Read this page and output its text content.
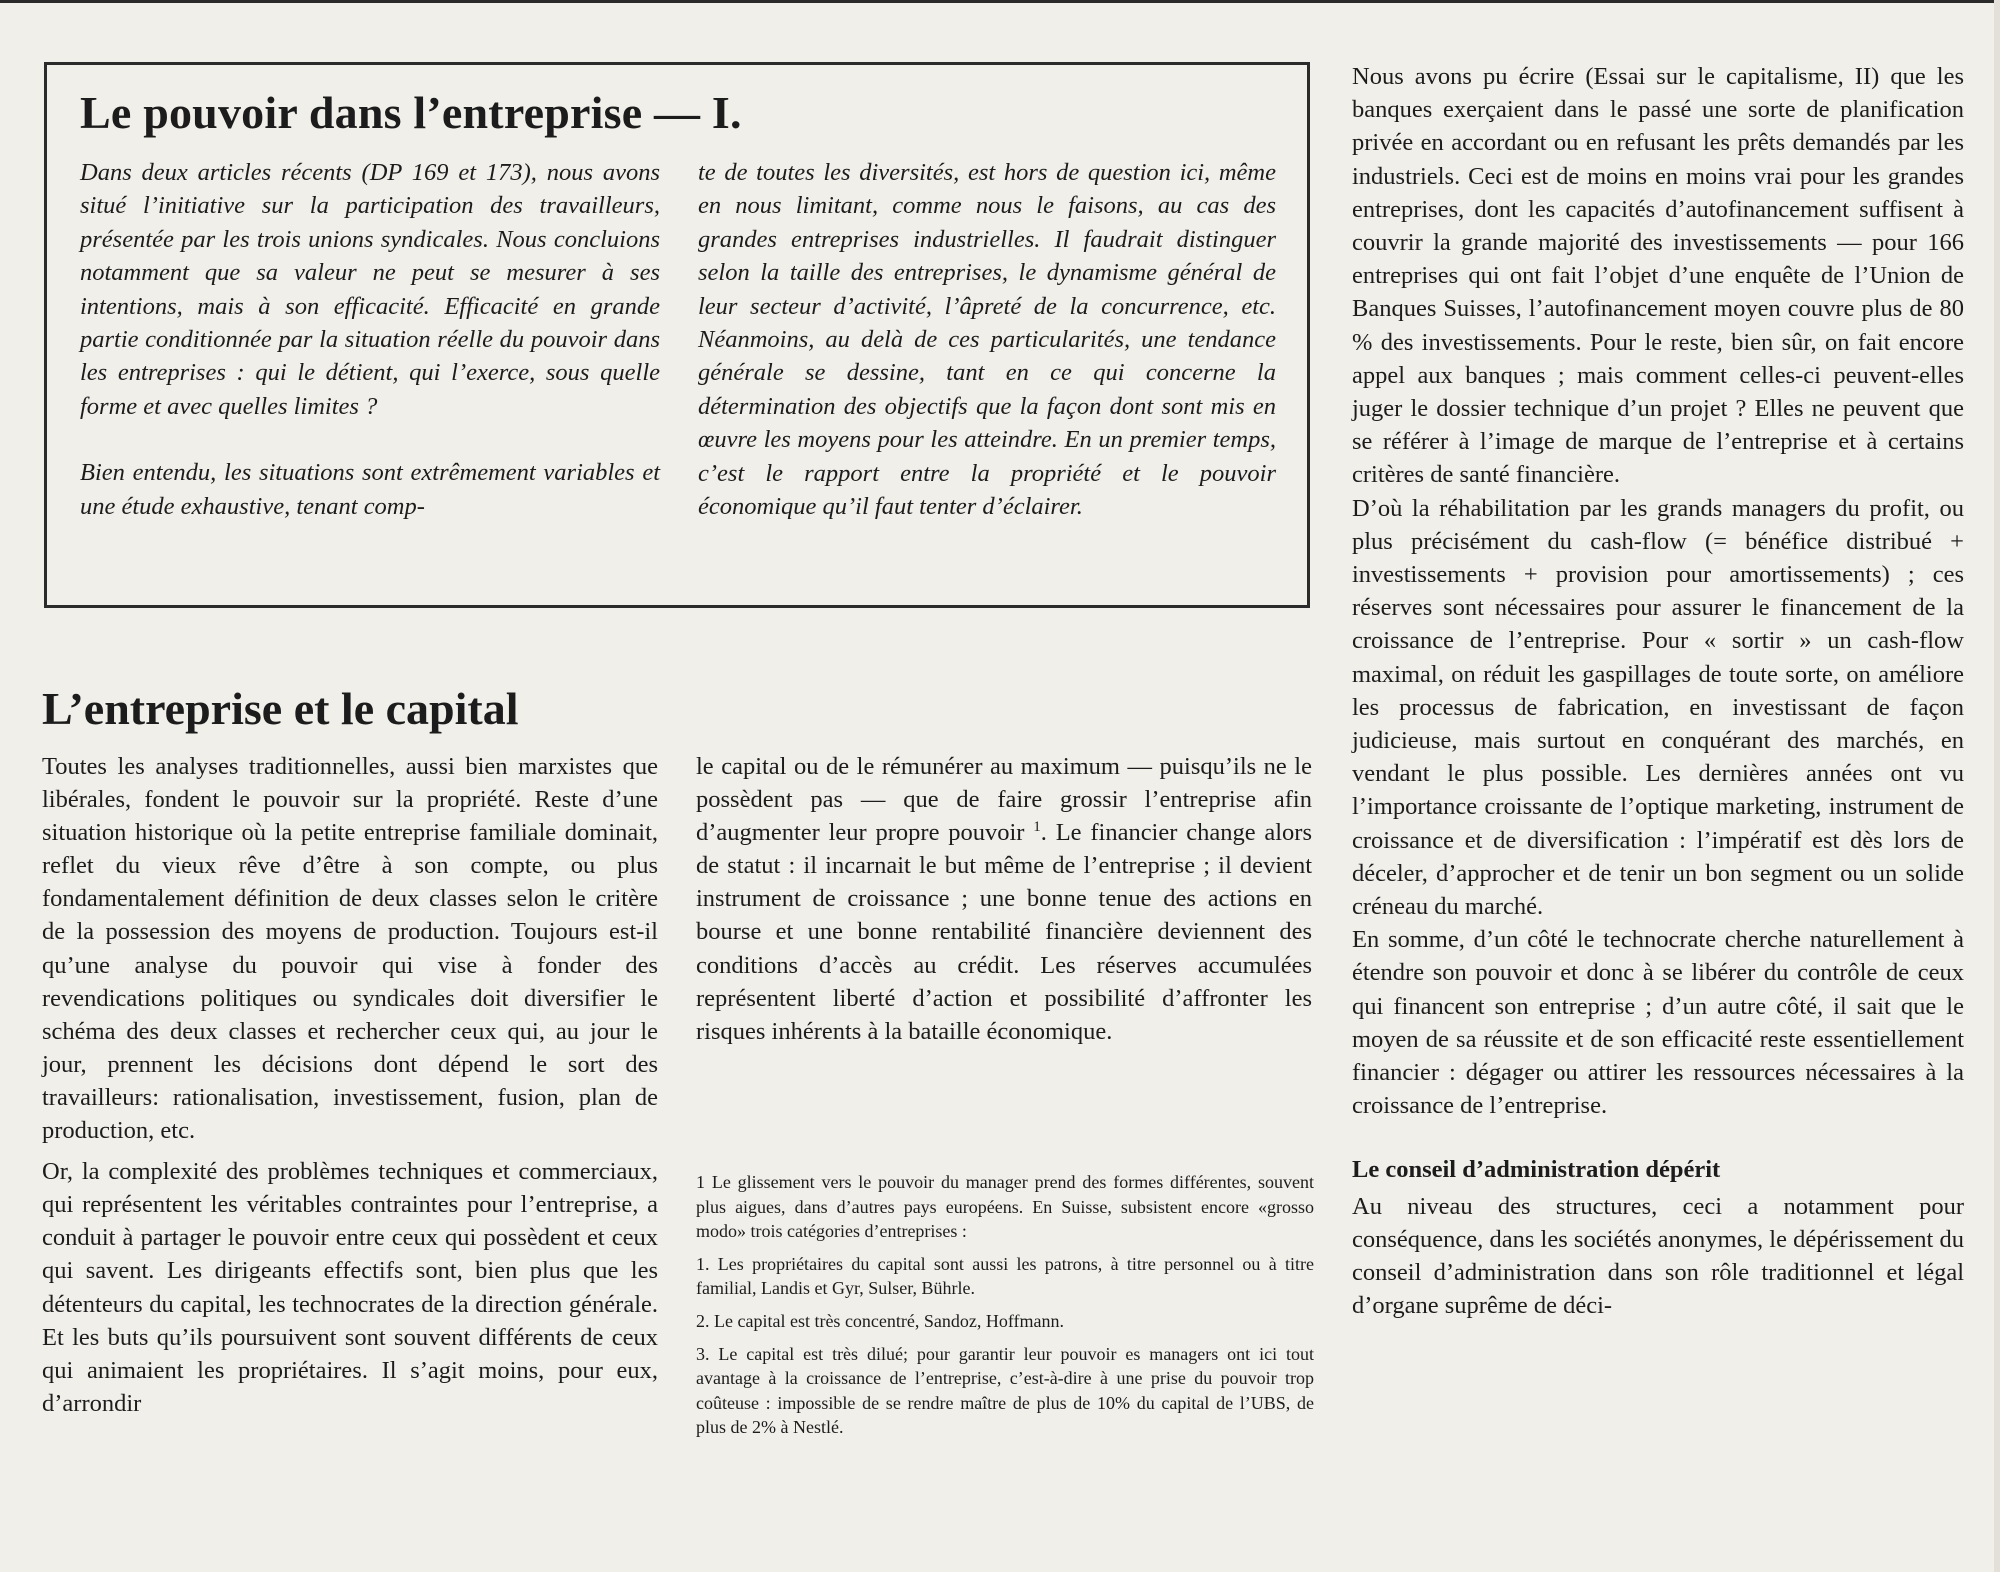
Le pouvoir dans l’entreprise — I.

Dans deux articles récents (DP 169 et 173), nous avons situé l’initiative sur la participation des travailleurs, présentée par les trois unions syndicales. Nous concluions notamment que sa valeur ne peut se mesurer à ses intentions, mais à son efficacité. Efficacité en grande partie conditionnée par la situation réelle du pouvoir dans les entreprises : qui le détient, qui l’exerce, sous quelle forme et avec quelles limites ?

Bien entendu, les situations sont extrêmement variables et une étude exhaustive, tenant comp-

te de toutes les diversités, est hors de question ici, même en nous limitant, comme nous le faisons, au cas des grandes entreprises industrielles. Il faudrait distinguer selon la taille des entreprises, le dynamisme général de leur secteur d’activité, l’âpreté de la concurrence, etc. Néanmoins, au delà de ces particularités, une tendance générale se dessine, tant en ce qui concerne la détermination des objectifs que la façon dont sont mis en œuvre les moyens pour les atteindre. En un premier temps, c’est le rapport entre la propriété et le pouvoir économique qu’il faut tenter d’éclairer.

L’entreprise et le capital

Toutes les analyses traditionnelles, aussi bien marxistes que libérales, fondent le pouvoir sur la propriété. Reste d’une situation historique où la petite entreprise familiale dominait, reflet du vieux rêve d’être à son compte, ou plus fondamentalement définition de deux classes selon le critère de la possession des moyens de production. Toujours est-il qu’une analyse du pouvoir qui vise à fonder des revendications politiques ou syndicales doit diversifier le schéma des deux classes et rechercher ceux qui, au jour le jour, prennent les décisions dont dépend le sort des travailleurs: rationalisation, investissement, fusion, plan de production, etc.

Or, la complexité des problèmes techniques et commerciaux, qui représentent les véritables contraintes pour l’entreprise, a conduit à partager le pouvoir entre ceux qui possèdent et ceux qui savent. Les dirigeants effectifs sont, bien plus que les détenteurs du capital, les technocrates de la direction générale. Et les buts qu’ils poursuivent sont souvent différents de ceux qui animaient les propriétaires. Il s’agit moins, pour eux, d’arrondir

le capital ou de le rémunérer au maximum — puisqu’ils ne le possèdent pas — que de faire grossir l’entreprise afin d’augmenter leur propre pouvoir $^1$. Le financier change alors de statut : il incarnait le but même de l’entreprise ; il devient instrument de croissance ; une bonne tenue des actions en bourse et une bonne rentabilité financière deviennent des conditions d’accès au crédit. Les réserves accumulées représentent liberté d’action et possibilité d’affronter les risques inhérents à la bataille économique.

1 Le glissement vers le pouvoir du manager prend des formes différentes, souvent plus aigues, dans d’autres pays européens. En Suisse, subsistent encore «grosso modo» trois catégories d’entreprises :

1. Les propriétaires du capital sont aussi les patrons, à titre personnel ou à titre familial, Landis et Gyr, Sulser, Bührle.

2. Le capital est très concentré, Sandoz, Hoffmann.

3. Le capital est très dilué; pour garantir leur pouvoir es managers ont ici tout avantage à la croissance de l’entreprise, c’est-à-dire à une prise du pouvoir trop coûteuse : impossible de se rendre maître de plus de 10% du capital de l’UBS, de plus de 2% à Nestlé.

Nous avons pu écrire (Essai sur le capitalisme, II) que les banques exerçaient dans le passé une sorte de planification privée en accordant ou en refusant les prêts demandés par les industriels. Ceci est de moins en moins vrai pour les grandes entreprises, dont les capacités d’autofinancement suffisent à couvrir la grande majorité des investissements — pour 166 entreprises qui ont fait l’objet d’une enquête de l’Union de Banques Suisses, l’autofinancement moyen couvre plus de 80 % des investissements. Pour le reste, bien sûr, on fait encore appel aux banques ; mais comment celles-ci peuvent-elles juger le dossier technique d’un projet ? Elles ne peuvent que se référer à l’image de marque de l’entreprise et à certains critères de santé financière.

D’où la réhabilitation par les grands managers du profit, ou plus précisément du cash-flow (= bénéfice distribué + investissements + provision pour amortissements) ; ces réserves sont nécessaires pour assurer le financement de la croissance de l’entreprise. Pour « sortir » un cash-flow maximal, on réduit les gaspillages de toute sorte, on améliore les processus de fabrication, en investissant de façon judicieuse, mais surtout en conquérant des marchés, en vendant le plus possible. Les dernières années ont vu l’importance croissante de l’optique marketing, instrument de croissance et de diversification : l’impératif est dès lors de déceler, d’approcher et de tenir un bon segment ou un solide créneau du marché.

En somme, d’un côté le technocrate cherche naturellement à étendre son pouvoir et donc à se libérer du contrôle de ceux qui financent son entreprise ; d’un autre côté, il sait que le moyen de sa réussite et de son efficacité reste essentiellement financier : dégager ou attirer les ressources nécessaires à la croissance de l’entreprise.

Le conseil d’administration dépérit

Au niveau des structures, ceci a notamment pour conséquence, dans les sociétés anonymes, le dépérissement du conseil d’administration dans son rôle traditionnel et légal d’organe suprême de déci-
